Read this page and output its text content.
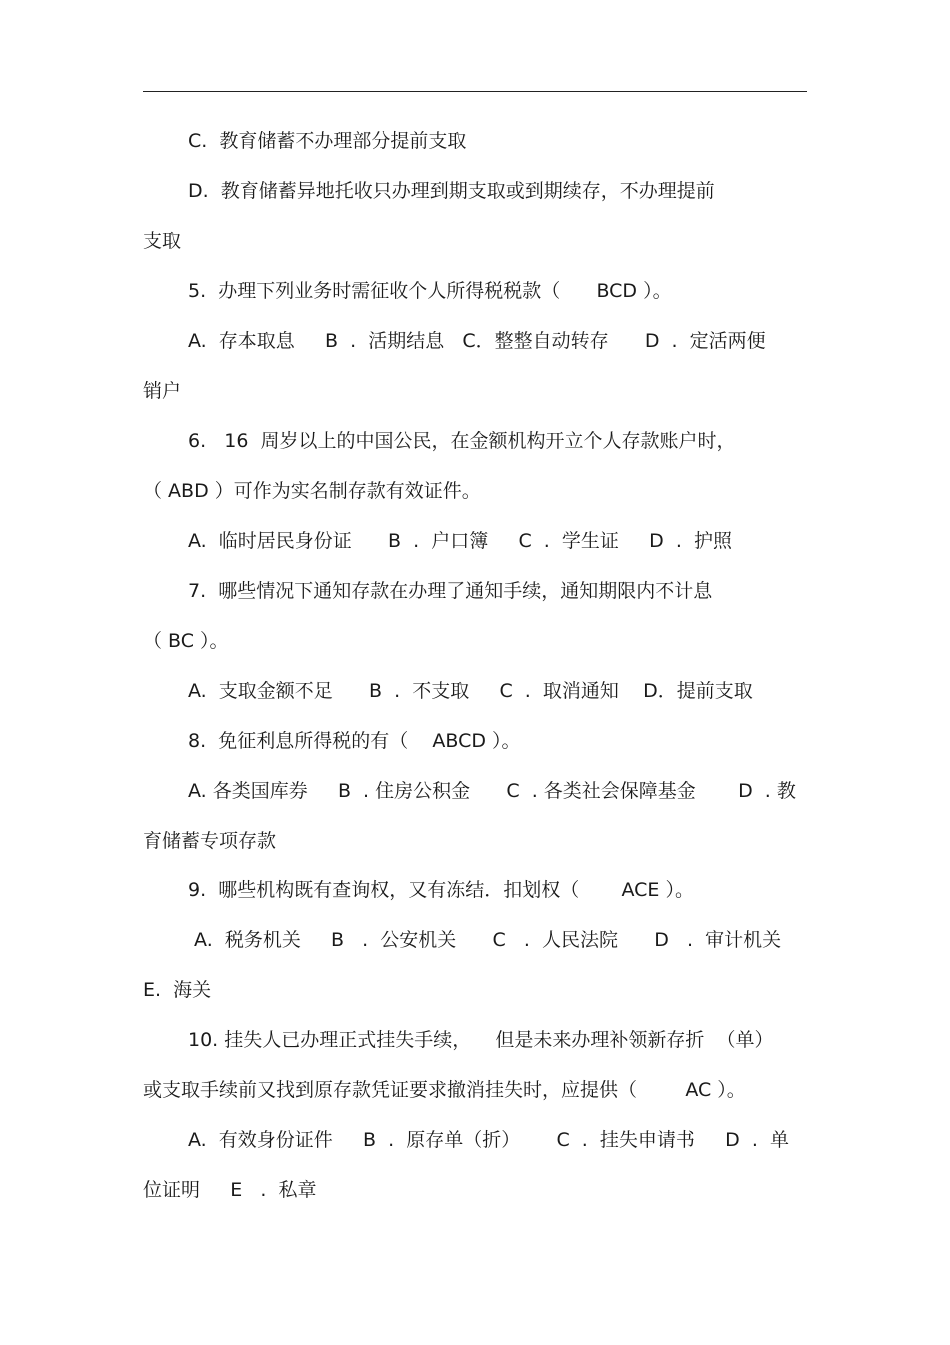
C.  教育储蓄不办理部分提前支取
D.  教育储蓄异地托收只办理到期支取或到期续存，不办理提前
支取
5.  办理下列业务时需征收个人所得税税款（      BCD ）。
A.  存本取息     B  .  活期结息   C．整整自动转存      D  .  定活两便
销户
6.   16  周岁以上的中国公民，在金额机构开立个人存款账户时，
（ ABD ）可作为实名制存款有效证件。
A.  临时居民身份证      B  .  户口簿     C  .  学生证     D  .  护照
7.  哪些情况下通知存款在办理了通知手续，通知期限内不计息
（ BC ）。
A.  支取金额不足      B  .  不支取     C  .  取消通知    D．提前支取
8.  免征利息所得税的有（    ABCD ）。
A. 各类国库券     B  . 住房公积金      C  . 各类社会保障基金       D  . 教
育储蓄专项存款
9.  哪些机构既有查询权，又有冻结．扣划权（       ACE ）。
A.  税务机关     B   .  公安机关      C   .  人民法院      D   .  审计机关
E.  海关
10. 挂失人已办理正式挂失手续，    但是未来办理补领新存折  （单）
或支取手续前又找到原存款凭证要求撤消挂失时，应提供（        AC ）。
A.  有效身份证件     B  .  原存单（折）      C  .  挂失申请书     D  .  单
位证明     E   .  私章
